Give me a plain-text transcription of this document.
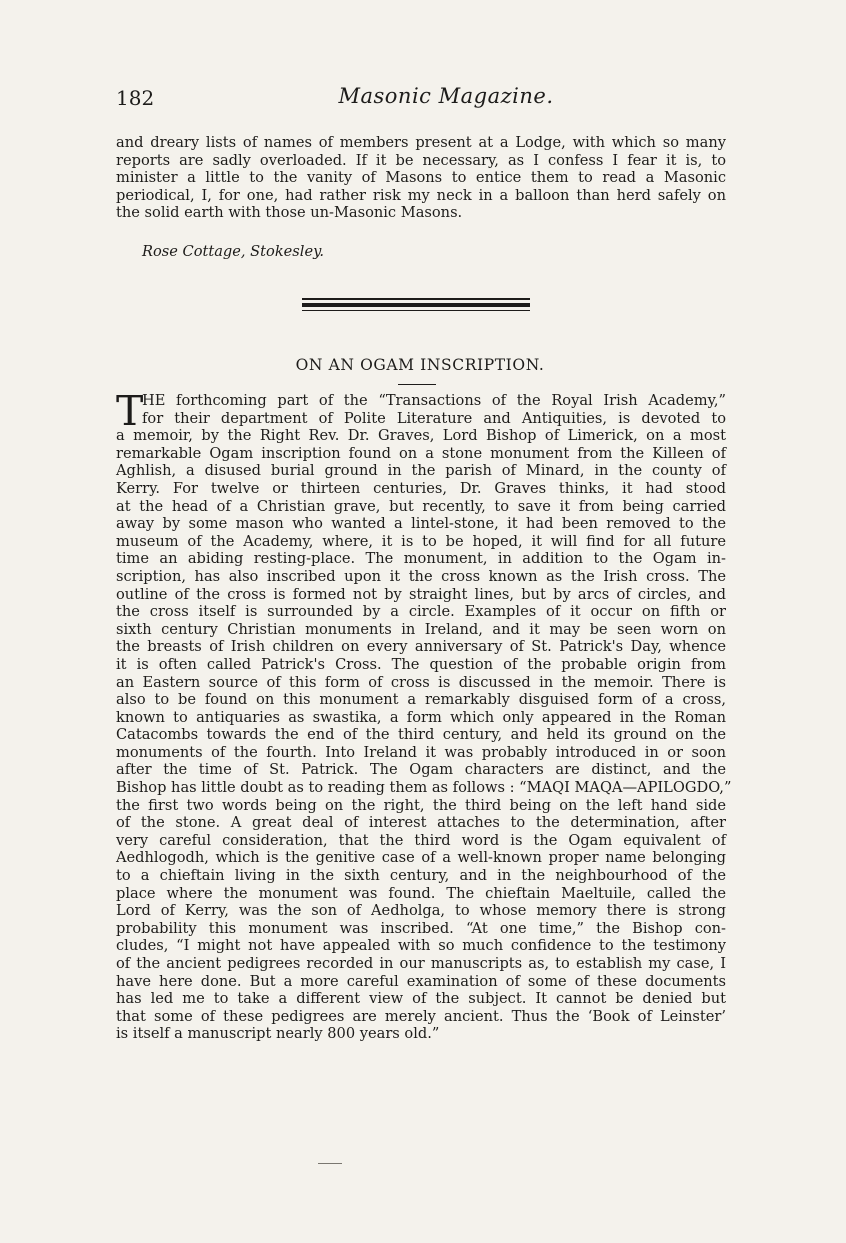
182	Masonic Magazine.
and dreary lists of names of members present at a Lodge, with which so many
reports are sadly overloaded. If it be necessary, as I confess I fear it is, to
minister a little to the vanity of Masons to entice them to read a Masonic
periodical, I, for one, had rather risk my neck in a balloon than herd safely on
the solid earth with those un-Masonic Masons.
Rose Cottage, Stokesley.
ON AN OGAM INSCRIPTION.
T
HE forthcoming part of the “Transactions of the Royal Irish Academy,”
for their department of Polite Literature and Antiquities, is devoted to
a memoir, by the Right Rev. Dr. Graves, Lord Bishop of Limerick, on a most
remarkable Ogam inscription found on a stone monument from the Killeen of
Aghlish, a disused burial ground in the parish of Minard, in the county of
Kerry. For twelve or thirteen centuries, Dr. Graves thinks, it had stood
at the head of a Christian grave, but recently, to save it from being carried
away by some mason who wanted a lintel-stone, it had been removed to the
museum of the Academy, where, it is to be hoped, it will find for all future
time an abiding resting-place. The monument, in addition to the Ogam in-
scription, has also inscribed upon it the cross known as the Irish cross. The
outline of the cross is formed not by straight lines, but by arcs of circles, and
the cross itself is surrounded by a circle. Examples of it occur on fifth or
sixth century Christian monuments in Ireland, and it may be seen worn on
the breasts of Irish children on every anniversary of St. Patrick's Day, whence
it is often called Patrick's Cross. The question of the probable origin from
an Eastern source of this form of cross is discussed in the memoir. There is
also to be found on this monument a remarkably disguised form of a cross,
known to antiquaries as swastika, a form which only appeared in the Roman
Catacombs towards the end of the third century, and held its ground on the
monuments of the fourth. Into Ireland it was probably introduced in or soon
after the time of St. Patrick. The Ogam characters are distinct, and the
Bishop has little doubt as to reading them as follows : “MAQI MAQA—APILOGDO,”
the first two words being on the right, the third being on the left hand side
of the stone. A great deal of interest attaches to the determination, after
very careful consideration, that the third word is the Ogam equivalent of
Aedhlogodh, which is the genitive case of a well-known proper name belonging
to a chieftain living in the sixth century, and in the neighbourhood of the
place where the monument was found. The chieftain Maeltuile, called the
Lord of Kerry, was the son of Aedholga, to whose memory there is strong
probability this monument was inscribed. “At one time,” the Bishop con-
cludes, “I might not have appealed with so much confidence to the testimony
of the ancient pedigrees recorded in our manuscripts as, to establish my case, I
have here done. But a more careful examination of some of these documents
has led me to take a different view of the subject. It cannot be denied but
that some of these pedigrees are merely ancient. Thus the ‘Book of Leinster’
is itself a manuscript nearly 800 years old.”
